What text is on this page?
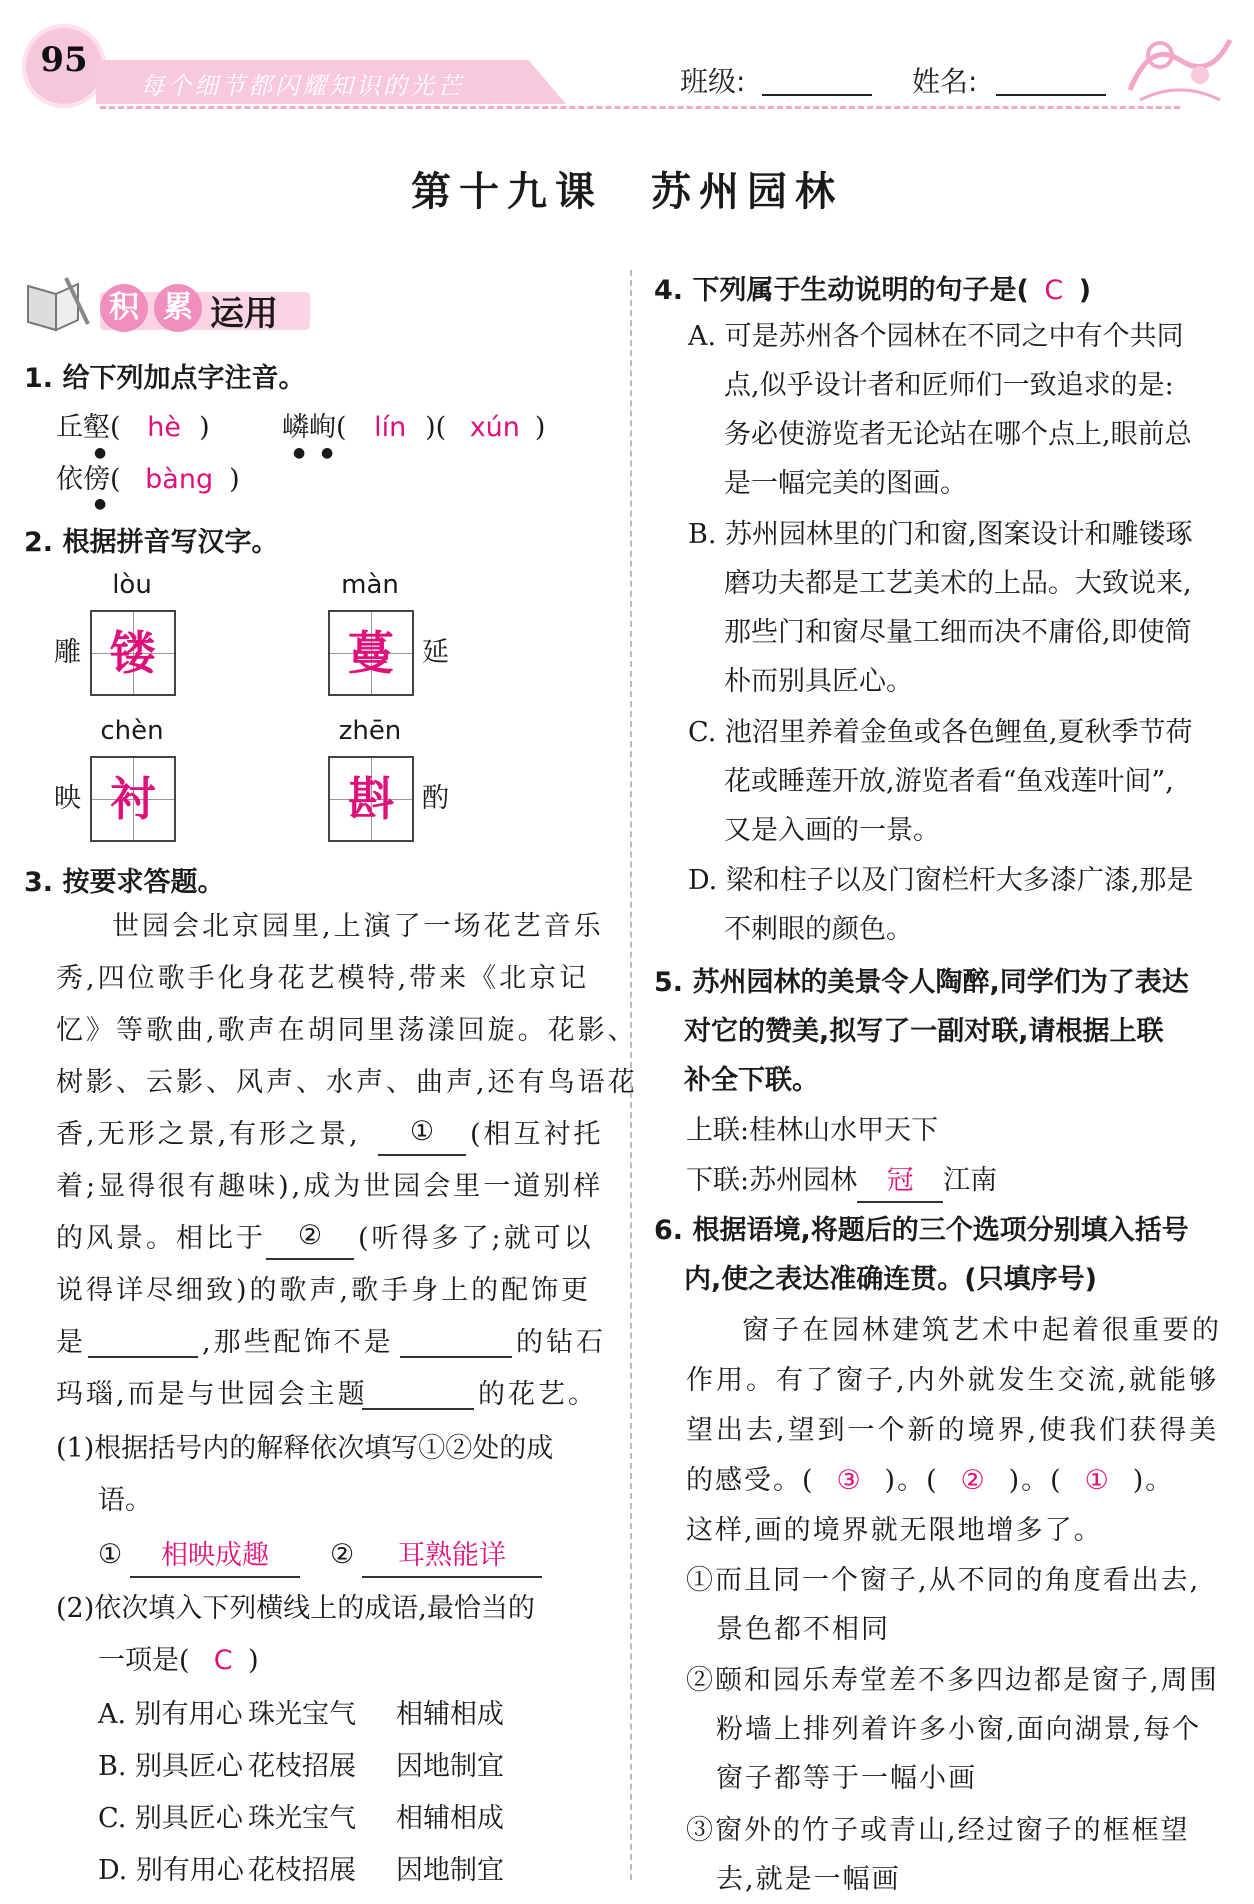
95
每个细节都闪耀知识的光芒	班级:	姓名:
第十九课　苏州园林
积 累 运用
1. 给下列加点字注音。
丘壑( hè )	嶙峋( lín )( xún )
依傍( bàng )
●	● ●
●
2. 根据拼音写汉字。
lòu
雕 镂
màn
蔓	延
chèn
映 衬
zhēn
斟	酌
3. 按要求答题。
世园会北京园里,上演了一场花艺音乐
秀,四位歌手化身花艺模特,带来《北京记
忆》等歌曲,歌声在胡同里荡漾回旋。花影、
树影、云影、风声、水声、曲声,还有鸟语花
香,无形之景,有形之景,	①	(相互衬托
着;显得很有趣味),成为世园会里一道别样
的风景。相比于	②	(听得多了;就可以
说得详尽细致)的歌声,歌手身上的配饰更
是	,那些配饰不是	的钻石
玛瑙,而是与世园会主题	的花艺。
(1)根据括号内的解释依次填写①②处的成
语。
①	相映成趣	②	耳熟能详
(2)依次填入下列横线上的成语,最恰当的
一项是( C )
A. 别有用心 珠光宝气 相辅相成
B. 别具匠心 花枝招展 因地制宜
C. 别具匠心 珠光宝气 相辅相成
D. 别有用心 花枝招展 因地制宜
4. 下列属于生动说明的句子是( C )
A. 可是苏州各个园林在不同之中有个共同
点,似乎设计者和匠师们一致追求的是:
务必使游览者无论站在哪个点上,眼前总
是一幅完美的图画。
B. 苏州园林里的门和窗,图案设计和雕镂琢
磨功夫都是工艺美术的上品。大致说来,
那些门和窗尽量工细而决不庸俗,即使简
朴而别具匠心。
C. 池沼里养着金鱼或各色鲤鱼,夏秋季节荷
花或睡莲开放,游览者看“鱼戏莲叶间”,
又是入画的一景。
D. 梁和柱子以及门窗栏杆大多漆广漆,那是
不刺眼的颜色。
5. 苏州园林的美景令人陶醉,同学们为了表达
对它的赞美,拟写了一副对联,请根据上联
补全下联。
上联:桂林山水甲天下
下联:苏州园林 冠 江南
6. 根据语境,将题后的三个选项分别填入括号
内,使之表达准确连贯。(只填序号)
窗子在园林建筑艺术中起着很重要的
作用。有了窗子,内外就发生交流,就能够
望出去,望到一个新的境界,使我们获得美
的感受。( ③ )。( ② )。( ① )。
这样,画的境界就无限地增多了。
①而且同一个窗子,从不同的角度看出去,
景色都不相同
②颐和园乐寿堂差不多四边都是窗子,周围
粉墙上排列着许多小窗,面向湖景,每个
窗子都等于一幅小画
③窗外的竹子或青山,经过窗子的框框望
去,就是一幅画
